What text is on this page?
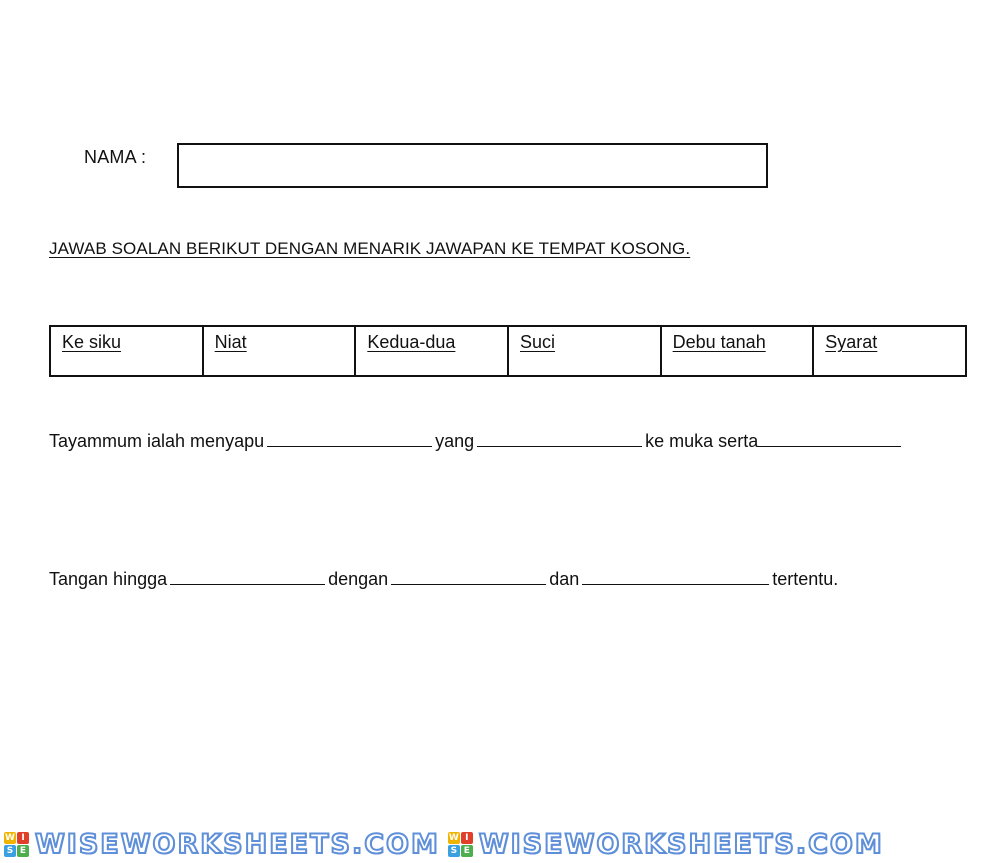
NAMA :
JAWAB SOALAN BERIKUT DENGAN MENARIK JAWAPAN KE TEMPAT KOSONG.
Ke siku	Niat	Kedua-dua	Suci	Debu tanah	Syarat
Tayammum ialah menyapu	yang	ke muka serta
Tangan hingga	dengan	dan	tertentu.
W I
S E WISEWORKSHEETS.COM W I
S E WISEWORKSHEETS.COM
